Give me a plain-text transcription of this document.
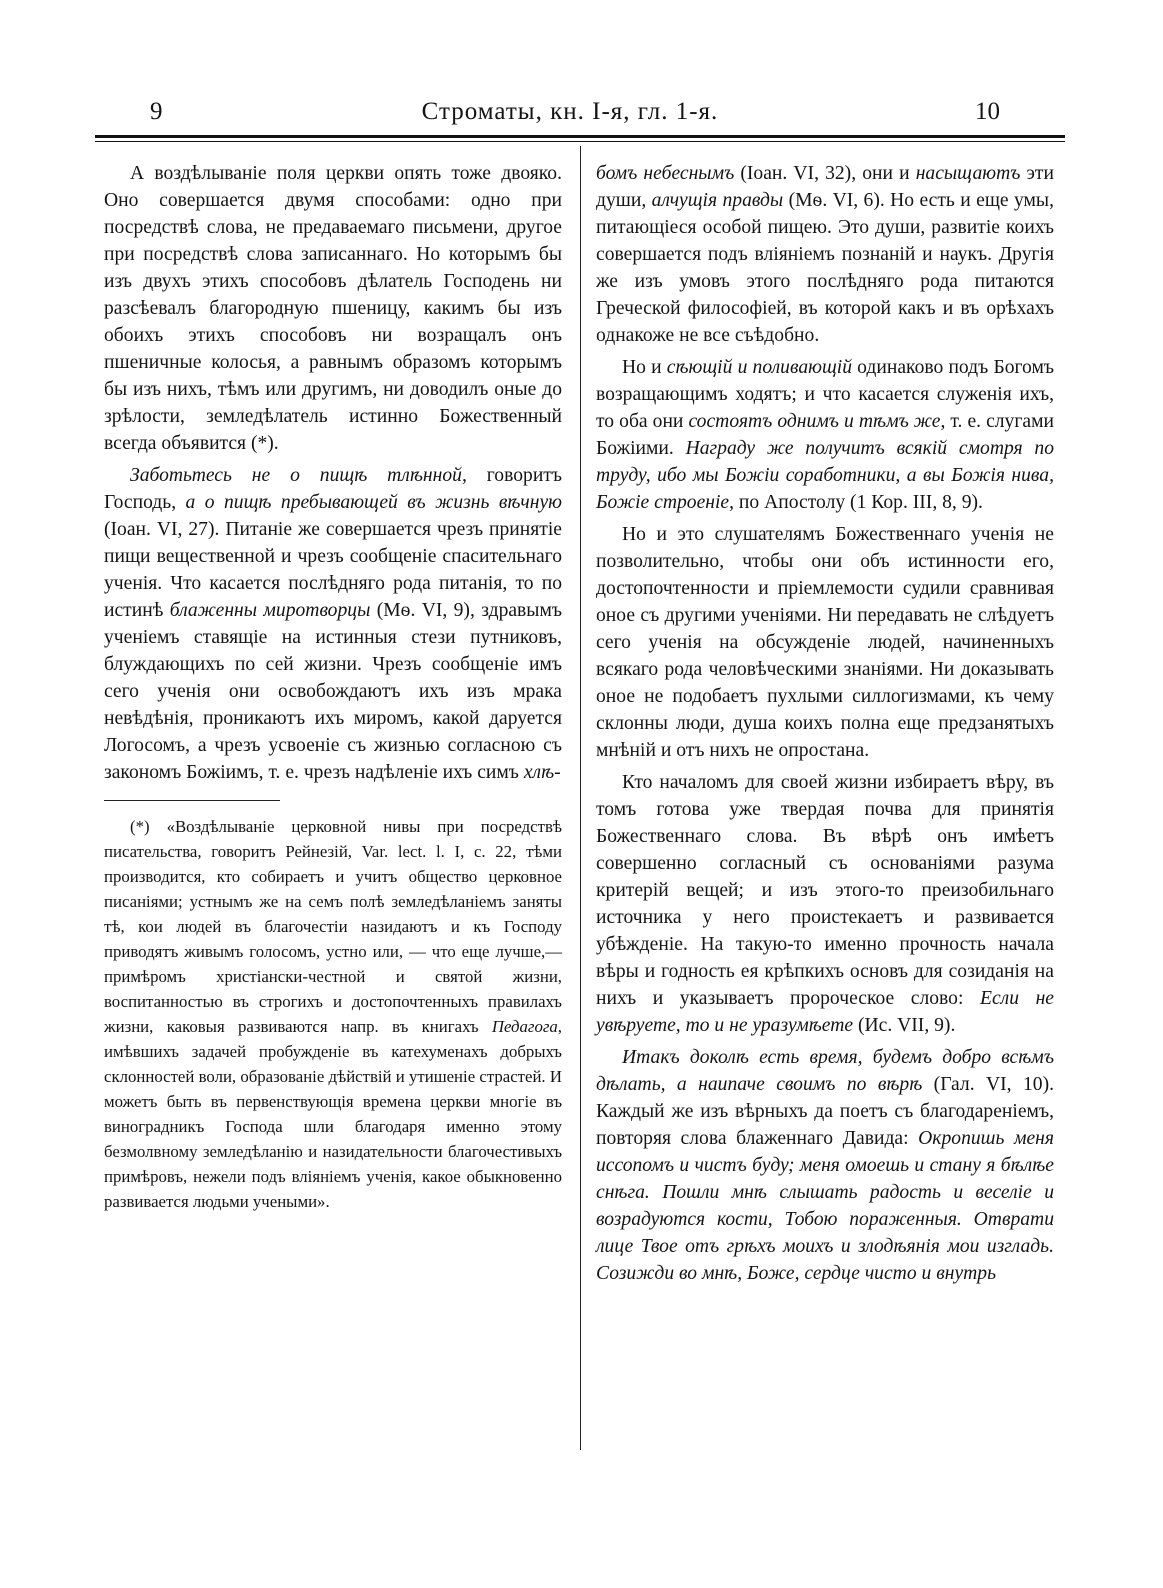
9	Строматы, кн. I-я, гл. 1-я.	10

А воздѣлываніе поля церкви опять тоже двояко. Оно совершается двумя способами: одно при посредствѣ слова, не предаваемаго письмени, другое при посредствѣ слова записаннаго. Но которымъ бы изъ двухъ этихъ способовъ дѣлатель Господень ни разсѣевалъ благородную пшеницу, какимъ бы изъ обоихъ этихъ способовъ ни возращалъ онъ пшеничные колосья, а равнымъ образомъ которымъ бы изъ нихъ, тѣмъ или другимъ, ни доводилъ оные до зрѣлости, земледѣлатель истинно Божественный всегда объявится (*).

Заботьтесь не о пищѣ тлѣнной, говоритъ Господь, а о пищѣ пребывающей въ жизнь вѣчную (Іоан. VI, 27). Питаніе же совершается чрезъ принятіе пищи вещественной и чрезъ сообщеніе спасительнаго ученія. Что касается послѣдняго рода питанія, то по истинѣ блаженны миротворцы (Мѳ. VI, 9), здравымъ ученіемъ ставящіе на истинныя стези путниковъ, блуждающихъ по сей жизни. Чрезъ сообщеніе имъ сего ученія они освобождаютъ ихъ изъ мрака невѣдѣнія, проникаютъ ихъ миромъ, какой даруется Логосомъ, а чрезъ усвоеніе съ жизнью согласною съ закономъ Божіимъ, т. е. чрезъ надѣленіе ихъ симъ хлѣ-

(*) «Воздѣлываніе церковной нивы при посредствѣ писательства, говоритъ Рейнезій, Var. lect. l. I, c. 22, тѣми производится, кто собираетъ и учитъ общество церковное писаніями; устнымъ же на семъ полѣ земледѣланіемъ заняты тѣ, кои людей въ благочестіи назидаютъ и къ Господу приводятъ живымъ голосомъ, устно или, — что еще лучше,—примѣромъ христіански-честной и святой жизни, воспитанностью въ строгихъ и достопочтенныхъ правилахъ жизни, каковыя развиваются напр. въ книгахъ Педагога, имѣвшихъ задачей пробужденіе въ катехуменахъ добрыхъ склонностей воли, образованіе дѣйствій и утишеніе страстей. И можетъ быть въ первенствующія времена церкви многіе въ виноградникъ Господа шли благодаря именно этому безмолвному земледѣланію и назидательности благочестивыхъ примѣровъ, нежели подъ вліяніемъ ученія, какое обыкновенно развивается людьми учеными».

бомъ небеснымъ (Іоан. VI, 32), они и насыщаютъ эти души, алчущія правды (Мѳ. VI, 6). Но есть и еще умы, питающіеся особой пищею. Это души, развитіе коихъ совершается подъ вліяніемъ познаній и наукъ. Другія же изъ умовъ этого послѣдняго рода питаются Греческой философіей, въ которой какъ и въ орѣхахъ однакоже не все съѣдобно.

Но и сѣющій и поливающій одинаково подъ Богомъ возращающимъ ходятъ; и что касается служенія ихъ, то оба они состоятъ однимъ и тѣмъ же, т. е. слугами Божіими. Награду же получитъ всякій смотря по труду, ибо мы Божіи соработники, а вы Божія нива, Божіе строеніе, по Апостолу (1 Кор. III, 8, 9).

Но и это слушателямъ Божественнаго ученія не позволительно, чтобы они объ истинности его, достопочтенности и пріемлемости судили сравнивая оное съ другими ученіями. Ни передавать не слѣдуетъ сего ученія на обсужденіе людей, начиненныхъ всякаго рода человѣческими знаніями. Ни доказывать оное не подобаетъ пухлыми силлогизмами, къ чему склонны люди, душа коихъ полна еще предзанятыхъ мнѣній и отъ нихъ не опростана.

Кто началомъ для своей жизни избираетъ вѣру, въ томъ готова уже твердая почва для принятія Божественнаго слова. Въ вѣрѣ онъ имѣетъ совершенно согласный съ основаніями разума критерій вещей; и изъ этого-то преизобильнаго источника у него проистекаетъ и развивается убѣжденіе. На такую-то именно прочность начала вѣры и годность ея крѣпкихъ основъ для созиданія на нихъ и указываетъ пророческое слово: Если не увѣруете, то и не уразумѣете (Ис. VII, 9).

Итакъ доколѣ есть время, будемъ добро всѣмъ дѣлать, а наипаче своимъ по вѣрѣ (Гал. VI, 10). Каждый же изъ вѣрныхъ да поетъ съ благодареніемъ, повторяя слова блаженнаго Давида: Окропишь меня иссопомъ и чистъ буду; меня омоешь и стану я бѣлѣе снѣга. Пошли мнѣ слышать радость и веселіе и возрадуются кости, Тобою пораженныя. Отврати лице Твое отъ грѣхъ моихъ и злодѣянія мои изгладь. Созижди во мнѣ, Боже, сердце чисто и внутрь
